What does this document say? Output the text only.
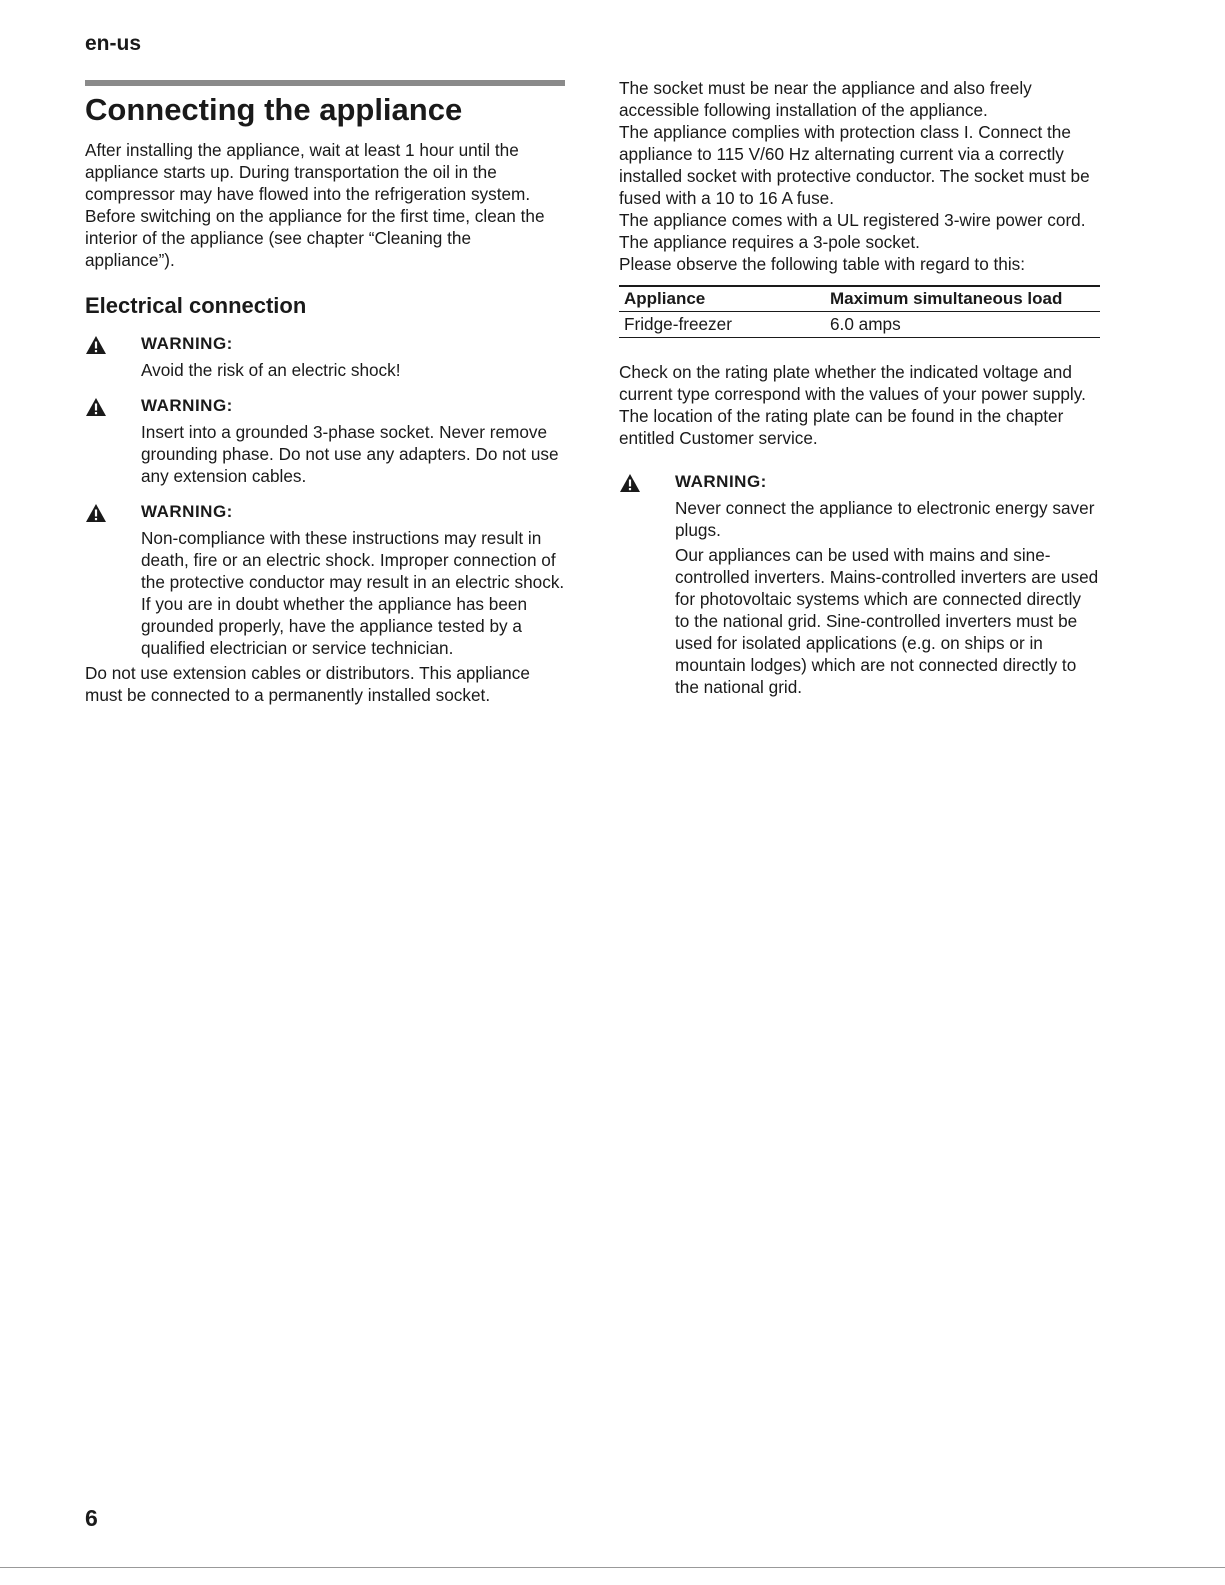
en-us
Connecting the appliance

After installing the appliance, wait at least 1 hour until the appliance starts up. During transportation the oil in the compressor may have flowed into the refrigeration system.

Before switching on the appliance for the first time, clean the interior of the appliance (see chapter “Cleaning the appliance”).

Electrical connection
WARNING:

Avoid the risk of an electric shock!

WARNING:

Insert into a grounded 3-phase socket. Never remove grounding phase. Do not use any adapters. Do not use any extension cables.

WARNING:

Non-compliance with these instructions may result in death, fire or an electric shock. Improper connection of the protective conductor may result in an electric shock. If you are in doubt whether the appliance has been grounded properly, have the appliance tested by a qualified electrician or service technician.

Do not use extension cables or distributors. This appliance must be connected to a permanently installed socket.

The socket must be near the appliance and also freely accessible following installation of the appliance.

The appliance complies with protection class I. Connect the appliance to 115 V/60 Hz alternating current via a correctly installed socket with protective conductor. The socket must be fused with a 10 to 16 A fuse.

The appliance comes with a UL registered 3-wire power cord. The appliance requires a 3-pole socket.

Please observe the following table with regard to this:

Appliance	Maximum simultaneous load
Fridge-freezer	6.0 amps

Check on the rating plate whether the indicated voltage and current type correspond with the values of your power supply. The location of the rating plate can be found in the chapter entitled Customer service.

WARNING:

Never connect the appliance to electronic energy saver plugs.

Our appliances can be used with mains and sine-controlled inverters. Mains-controlled inverters are used for photovoltaic systems which are connected directly to the national grid. Sine-controlled inverters must be used for isolated applications (e.g. on ships or in mountain lodges) which are not connected directly to the national grid.

6
